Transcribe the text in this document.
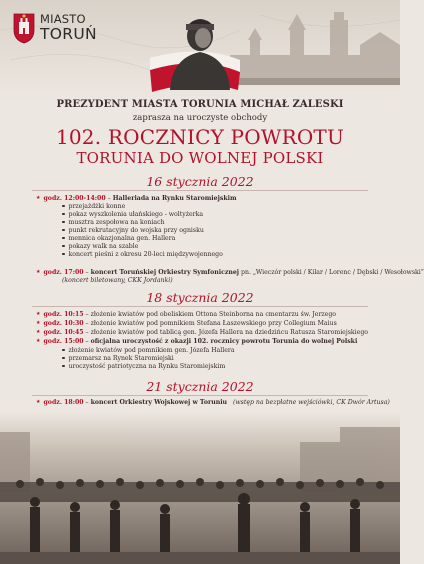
MIASTO
TORUŃ
PREZYDENT MIASTA TORUNIA MICHAŁ ZALESKI
zaprasza na uroczyste obchody
102. ROCZNICY POWROTU
TORUNIA DO WOLNEJ POLSKI
16 stycznia 2022
★ godz. 12:00-14:00 – Halleriada na Rynku Staromiejskim
przejażdżki konne
pokaz wyszkolenia ułańskiego - woltyżerka
musztra zespołowa na koniach
punkt rekrutacyjny do wojska przy ognisku
mennica okazjonalna gen. Hallera
pokazy walk na szable
koncert pieśni z okresu 20-leci międzywojennego
★ godz. 17:00 – koncert Toruńskiej Orkiestry Symfonicznej pn. „Wieczór polski / Kilar / Lorenc / Dębski / Wesołowski”
(koncert biletowany, CKK Jordanki)
18 stycznia 2022
★ godz. 10:15 – złożenie kwiatów pod obeliskiem Ottona Steinborna na cmentarzu św. Jerzego
★ godz. 10:30 – złożenie kwiatów pod pomnikiem Stefana Łaszewskiego przy Collegium Maius
★ godz. 10:45 – złożenie kwiatów pod tablicą gen. Józefa Hallera na dziedzińcu Ratusza Staromiejskiego
★ godz. 15:00 – oficjalna uroczystość z okazji 102. rocznicy powrotu Torunia do wolnej Polski
złożenie kwiatów pod pomnikiem gen. Józefa Hallera
przemarsz na Rynek Staromiejski
uroczystość patriotyczna na Rynku Staromiejskim
21 stycznia 2022
★ godz. 18:00 – koncert Orkiestry Wojskowej w Toruniu (wstęp na bezpłatne wejściówki, CK Dwór Artusa)
